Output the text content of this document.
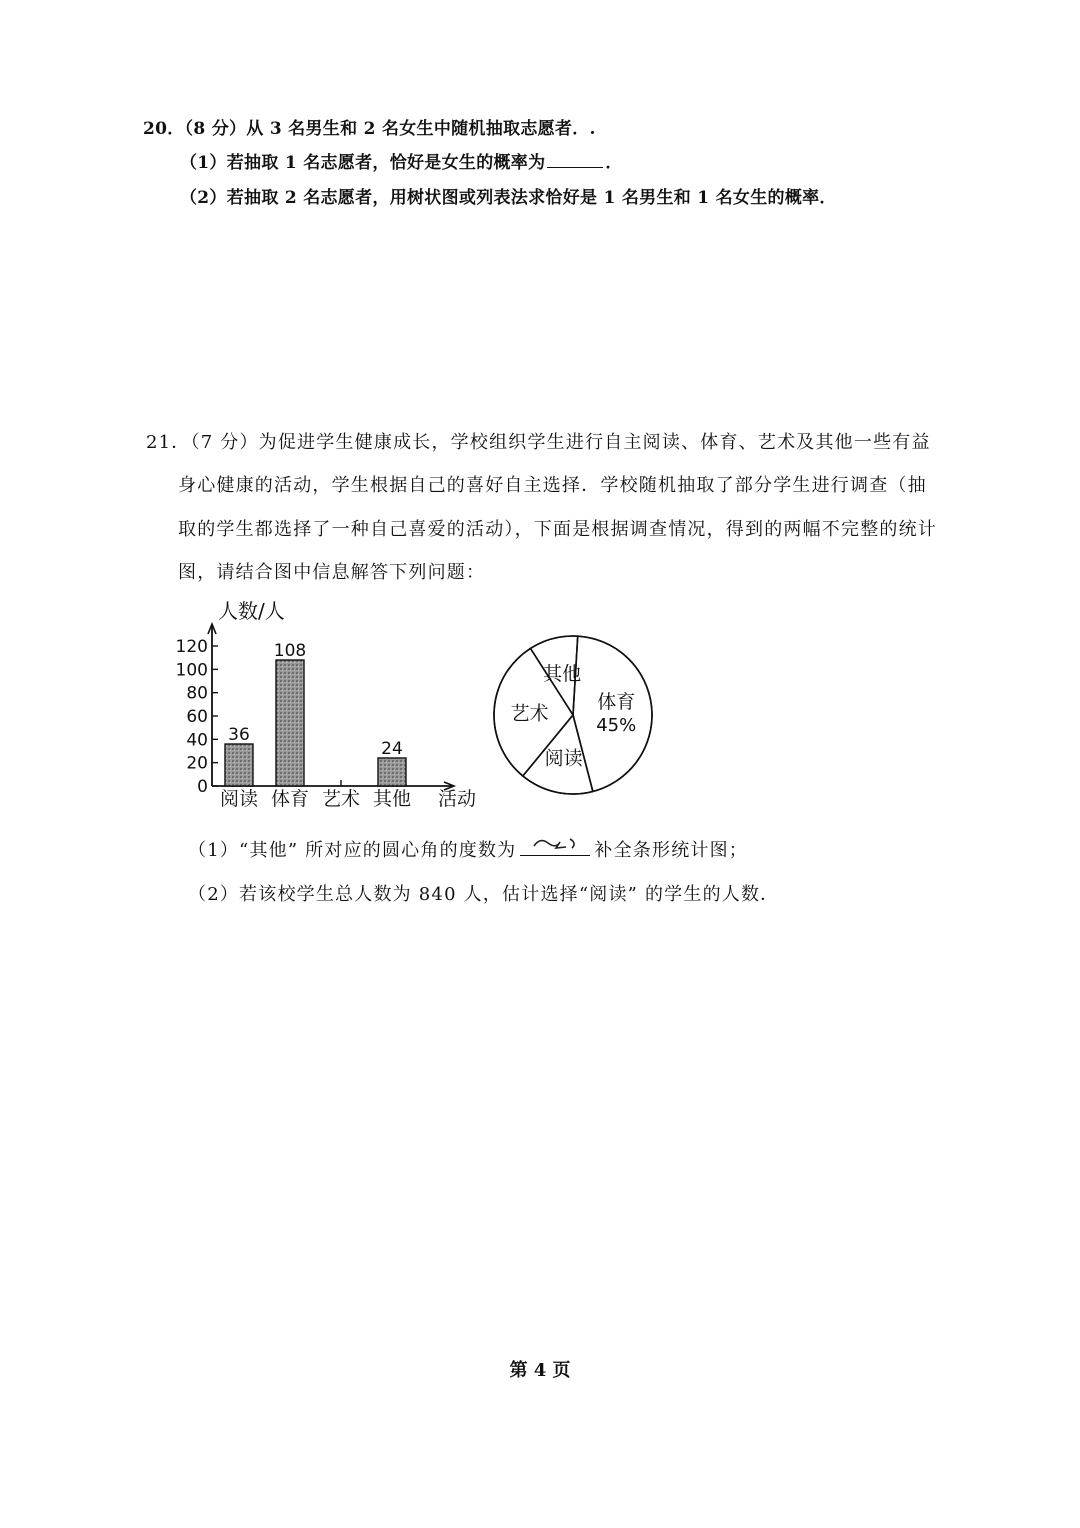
20．（8 分）从 3 名男生和 2 名女生中随机抽取志愿者．.
（1）若抽取 1 名志愿者，恰好是女生的概率为	．
（2）若抽取 2 名志愿者，用树状图或列表法求恰好是 1 名男生和 1 名女生的概率．
21．（7 分）为促进学生健康成长，学校组织学生进行自主阅读、体育、艺术及其他一些有益
身心健康的活动，学生根据自己的喜好自主选择．学校随机抽取了部分学生进行调查（抽
取的学生都选择了一种自己喜爱的活动），下面是根据调查情况，得到的两幅不完整的统计
图，请结合图中信息解答下列问题：
人数/人
0
20
40
60
80
100
120
36
108
24
阅读 体育 艺术 其他 活动
体育
45%
阅读
艺术
其他
（1）“其他” 所对应的圆心角的度数为	补全条形统计图；
（2）若该校学生总人数为 840 人，估计选择“阅读” 的学生的人数．
第 4 页
